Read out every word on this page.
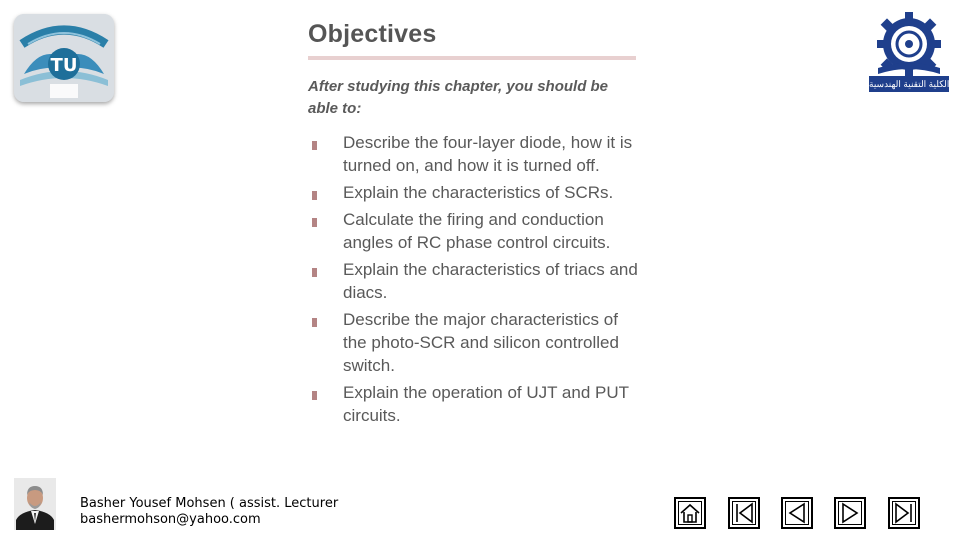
TU
الكلية التقنية الهندسية
Objectives

After studying this chapter, you should be able to:

Describe the four-layer diode, how it is turned on, and how it is turned off.
Explain the characteristics of SCRs.
Calculate the firing and conduction angles of RC phase control circuits.
Explain the characteristics of triacs and diacs.
Describe the major characteristics of the photo-SCR and silicon controlled switch.
Explain the operation of UJT and PUT circuits.
Basher Yousef Mohsen ( assist. Lecturer
bashermohson@yahoo.com
